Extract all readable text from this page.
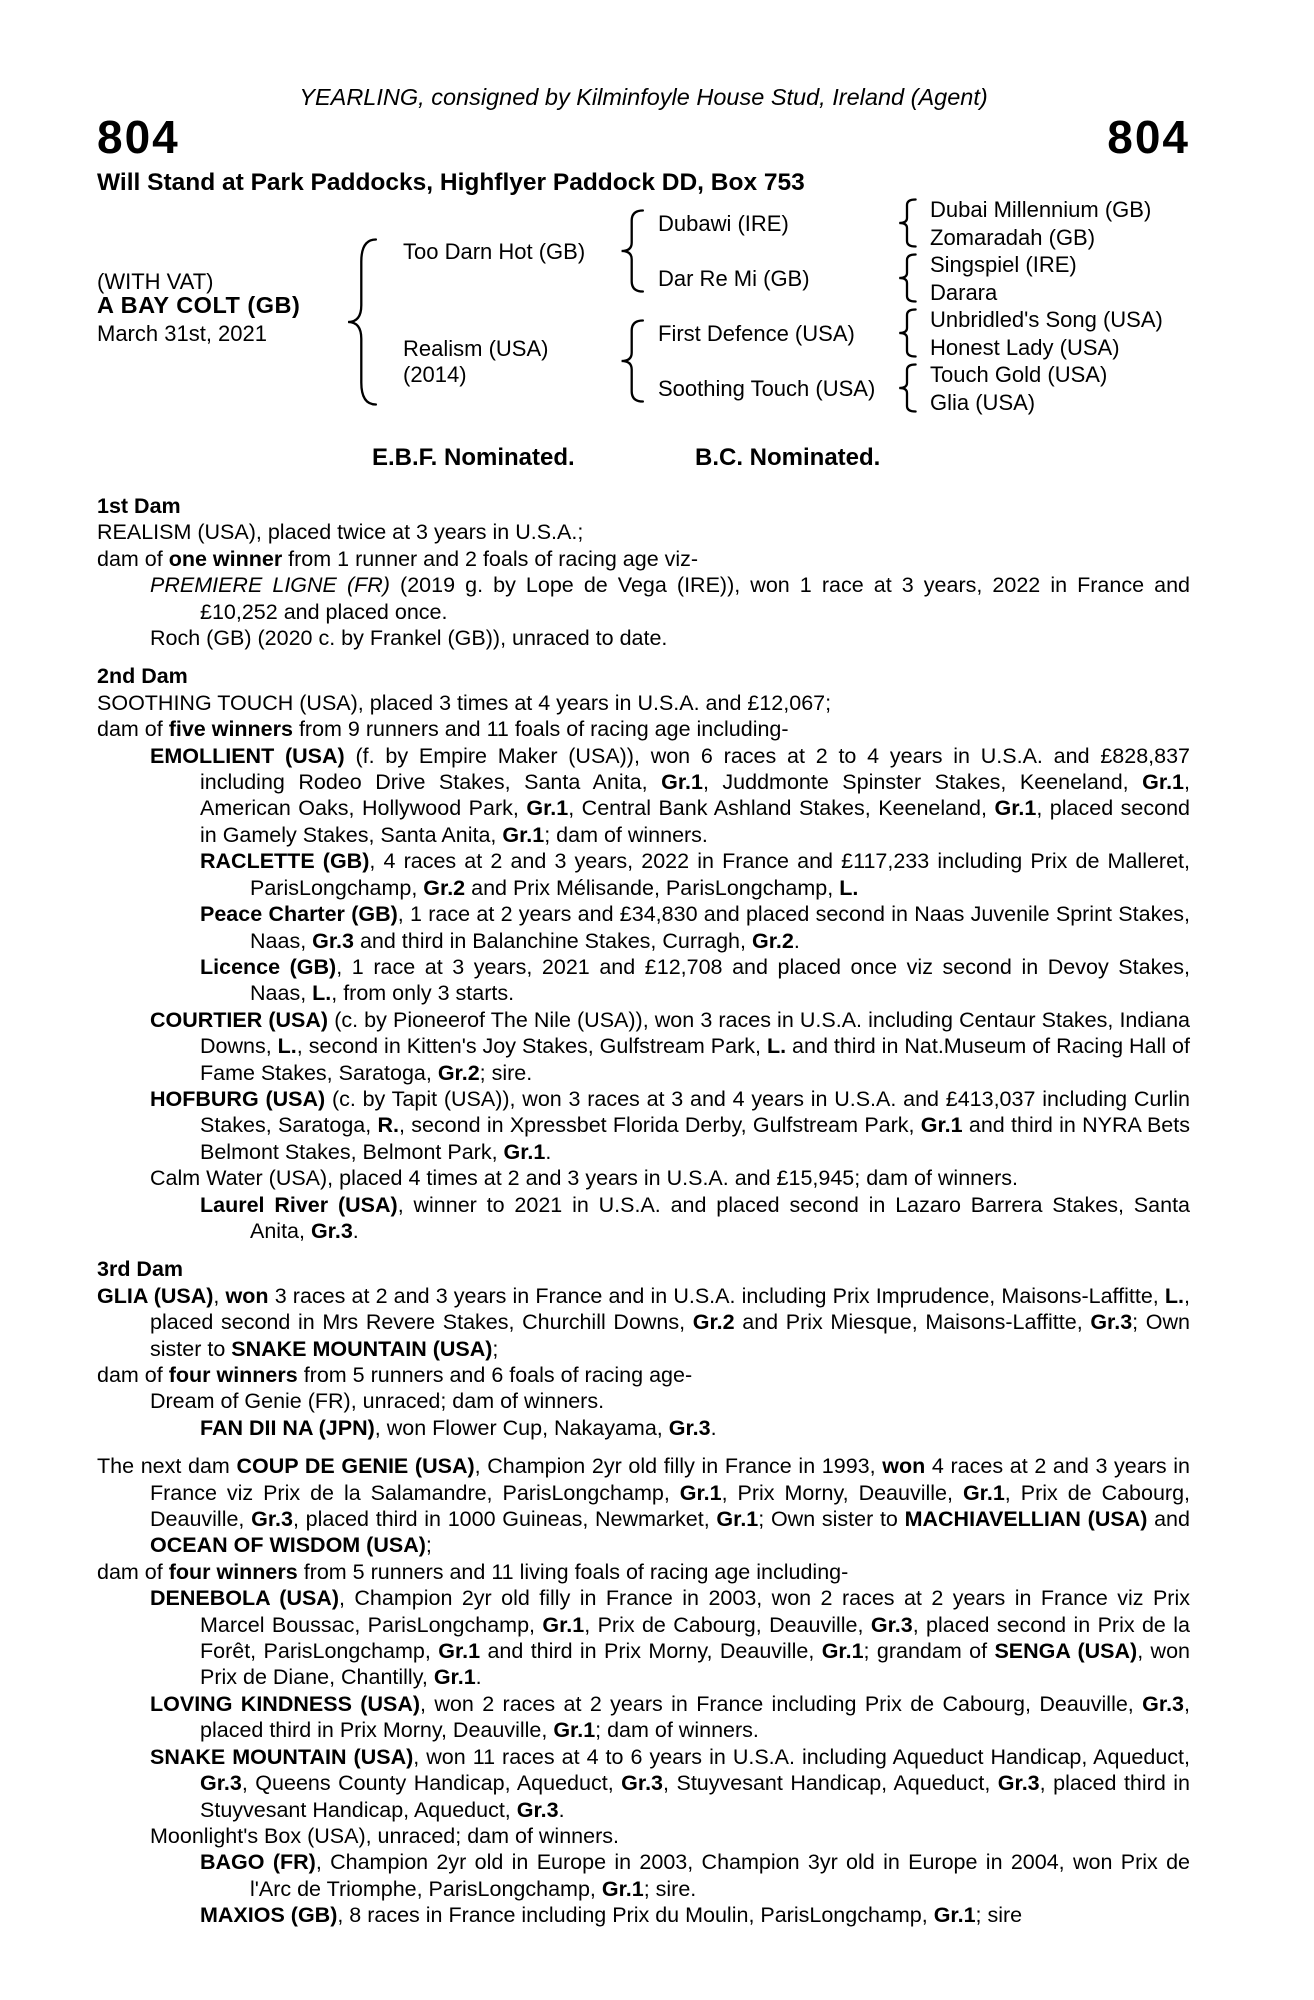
YEARLING, consigned by Kilminfoyle House Stud, Ireland (Agent)
804	804
Will Stand at Park Paddocks, Highflyer Paddock DD, Box 753
(WITH VAT)
A BAY COLT (GB)
March 31st, 2021
Too Darn Hot (GB)
Realism (USA)
(2014)
Dubawi (IRE)
Dar Re Mi (GB)
First Defence (USA)
Soothing Touch (USA)
Dubai Millennium (GB)
Zomaradah (GB)
Singspiel (IRE)
Darara
Unbridled's Song (USA)
Honest Lady (USA)
Touch Gold (USA)
Glia (USA)
E.B.F. Nominated.	B.C. Nominated.
1st Dam
REALISM (USA), placed twice at 3 years in U.S.A.;
dam of one winner from 1 runner and 2 foals of racing age viz-
PREMIERE LIGNE (FR) (2019 g. by Lope de Vega (IRE)), won 1 race at 3 years, 2022 in France and £10,252 and placed once.
Roch (GB) (2020 c. by Frankel (GB)), unraced to date.
2nd Dam
SOOTHING TOUCH (USA), placed 3 times at 4 years in U.S.A. and £12,067;
dam of five winners from 9 runners and 11 foals of racing age including-
EMOLLIENT (USA) (f. by Empire Maker (USA)), won 6 races at 2 to 4 years in U.S.A. and £828,837 including Rodeo Drive Stakes, Santa Anita, Gr.1, Juddmonte Spinster Stakes, Keeneland, Gr.1, American Oaks, Hollywood Park, Gr.1, Central Bank Ashland Stakes, Keeneland, Gr.1, placed second in Gamely Stakes, Santa Anita, Gr.1; dam of winners.
RACLETTE (GB), 4 races at 2 and 3 years, 2022 in France and £117,233 including Prix de Malleret, ParisLongchamp, Gr.2 and Prix Mélisande, ParisLongchamp, L.
Peace Charter (GB), 1 race at 2 years and £34,830 and placed second in Naas Juvenile Sprint Stakes, Naas, Gr.3 and third in Balanchine Stakes, Curragh, Gr.2.
Licence (GB), 1 race at 3 years, 2021 and £12,708 and placed once viz second in Devoy Stakes, Naas, L., from only 3 starts.
COURTIER (USA) (c. by Pioneerof The Nile (USA)), won 3 races in U.S.A. including Centaur Stakes, Indiana Downs, L., second in Kitten's Joy Stakes, Gulfstream Park, L. and third in Nat.Museum of Racing Hall of Fame Stakes, Saratoga, Gr.2; sire.
HOFBURG (USA) (c. by Tapit (USA)), won 3 races at 3 and 4 years in U.S.A. and £413,037 including Curlin Stakes, Saratoga, R., second in Xpressbet Florida Derby, Gulfstream Park, Gr.1 and third in NYRA Bets Belmont Stakes, Belmont Park, Gr.1.
Calm Water (USA), placed 4 times at 2 and 3 years in U.S.A. and £15,945; dam of winners.
Laurel River (USA), winner to 2021 in U.S.A. and placed second in Lazaro Barrera Stakes, Santa Anita, Gr.3.
3rd Dam
GLIA (USA), won 3 races at 2 and 3 years in France and in U.S.A. including Prix Imprudence, Maisons-Laffitte, L., placed second in Mrs Revere Stakes, Churchill Downs, Gr.2 and Prix Miesque, Maisons-Laffitte, Gr.3; Own sister to SNAKE MOUNTAIN (USA);
dam of four winners from 5 runners and 6 foals of racing age-
Dream of Genie (FR), unraced; dam of winners.
FAN DII NA (JPN), won Flower Cup, Nakayama, Gr.3.
The next dam COUP DE GENIE (USA), Champion 2yr old filly in France in 1993, won 4 races at 2 and 3 years in France viz Prix de la Salamandre, ParisLongchamp, Gr.1, Prix Morny, Deauville, Gr.1, Prix de Cabourg, Deauville, Gr.3, placed third in 1000 Guineas, Newmarket, Gr.1; Own sister to MACHIAVELLIAN (USA) and OCEAN OF WISDOM (USA);
dam of four winners from 5 runners and 11 living foals of racing age including-
DENEBOLA (USA), Champion 2yr old filly in France in 2003, won 2 races at 2 years in France viz Prix Marcel Boussac, ParisLongchamp, Gr.1, Prix de Cabourg, Deauville, Gr.3, placed second in Prix de la Forêt, ParisLongchamp, Gr.1 and third in Prix Morny, Deauville, Gr.1; grandam of SENGA (USA), won Prix de Diane, Chantilly, Gr.1.
LOVING KINDNESS (USA), won 2 races at 2 years in France including Prix de Cabourg, Deauville, Gr.3, placed third in Prix Morny, Deauville, Gr.1; dam of winners.
SNAKE MOUNTAIN (USA), won 11 races at 4 to 6 years in U.S.A. including Aqueduct Handicap, Aqueduct, Gr.3, Queens County Handicap, Aqueduct, Gr.3, Stuyvesant Handicap, Aqueduct, Gr.3, placed third in Stuyvesant Handicap, Aqueduct, Gr.3.
Moonlight's Box (USA), unraced; dam of winners.
BAGO (FR), Champion 2yr old in Europe in 2003, Champion 3yr old in Europe in 2004, won Prix de l'Arc de Triomphe, ParisLongchamp, Gr.1; sire.
MAXIOS (GB), 8 races in France including Prix du Moulin, ParisLongchamp, Gr.1; sire
